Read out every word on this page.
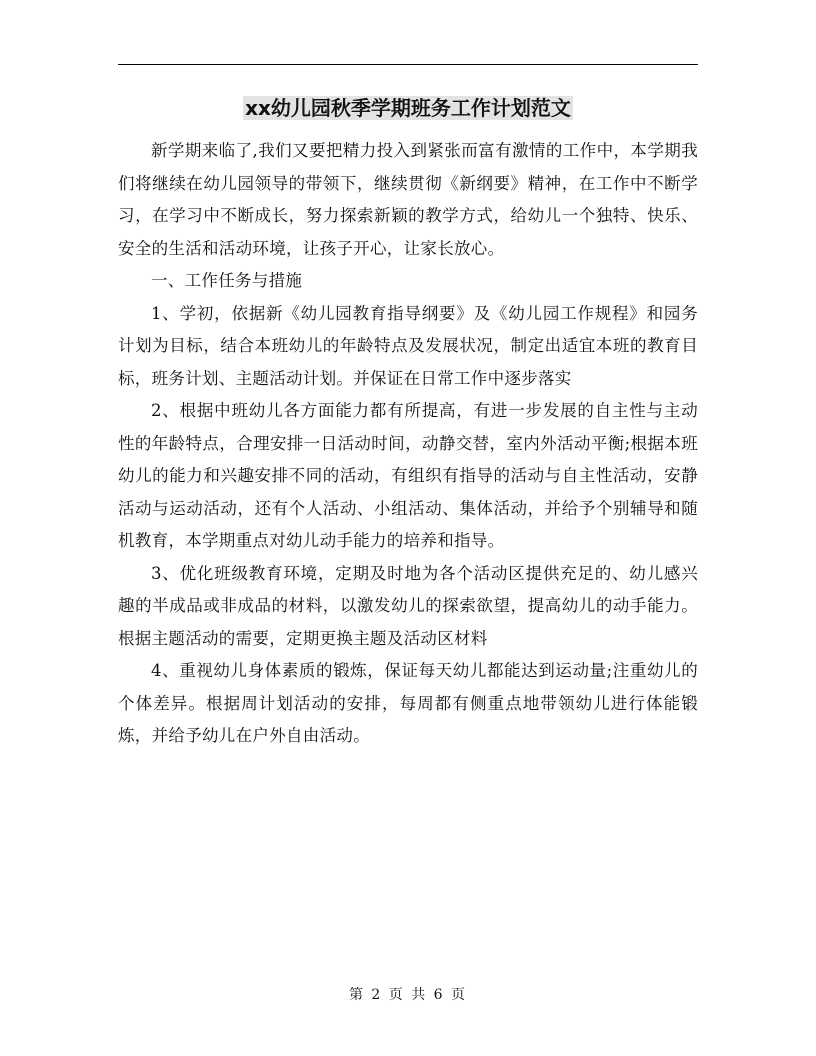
xx幼儿园秋季学期班务工作计划范文

新学期来临了,我们又要把精力投入到紧张而富有激情的工作中，本学期我们将继续在幼儿园领导的带领下，继续贯彻《新纲要》精神，在工作中不断学习，在学习中不断成长，努力探索新颖的教学方式，给幼儿一个独特、快乐、安全的生活和活动环境，让孩子开心，让家长放心。

一、工作任务与措施

1、学初，依据新《幼儿园教育指导纲要》及《幼儿园工作规程》和园务计划为目标，结合本班幼儿的年龄特点及发展状况，制定出适宜本班的教育目标，班务计划、主题活动计划。并保证在日常工作中逐步落实

2、根据中班幼儿各方面能力都有所提高，有进一步发展的自主性与主动性的年龄特点，合理安排一日活动时间，动静交替，室内外活动平衡;根据本班幼儿的能力和兴趣安排不同的活动，有组织有指导的活动与自主性活动，安静活动与运动活动，还有个人活动、小组活动、集体活动，并给予个别辅导和随机教育，本学期重点对幼儿动手能力的培养和指导。

3、优化班级教育环境，定期及时地为各个活动区提供充足的、幼儿感兴趣的半成品或非成品的材料，以激发幼儿的探索欲望，提高幼儿的动手能力。根据主题活动的需要，定期更换主题及活动区材料

4、重视幼儿身体素质的锻炼，保证每天幼儿都能达到运动量;注重幼儿的个体差异。根据周计划活动的安排，每周都有侧重点地带领幼儿进行体能锻炼，并给予幼儿在户外自由活动。

第 2 页 共 6 页
